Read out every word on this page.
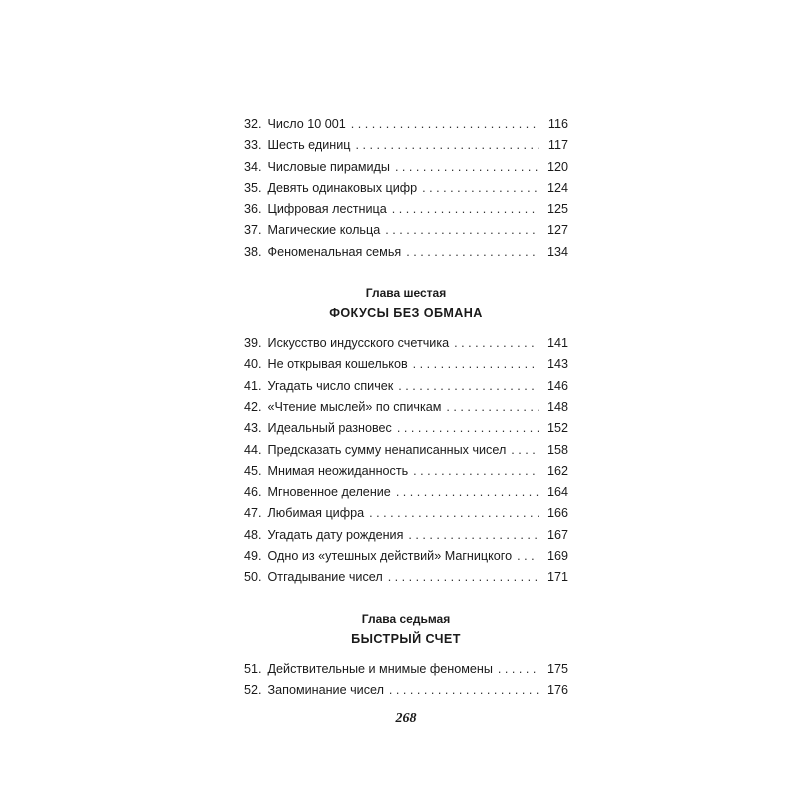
32. Число 10 001 . . .	116
33. Шесть единиц . . .	117
34. Числовые пирамиды . . .	120
35. Девять одинаковых цифр . . .	124
36. Цифровая лестница . . .	125
37. Магические кольца . . .	127
38. Феноменальная семья . . .	134
Глава шестая
ФОКУСЫ БЕЗ ОБМАНА
39. Искусство индусского счетчика . . .	141
40. Не открывая кошельков . . .	143
41. Угадать число спичек . . .	146
42. «Чтение мыслей» по спичкам . . .	148
43. Идеальный разновес . . .	152
44. Предсказать сумму ненаписанных чисел . . .	158
45. Мнимая неожиданность . . .	162
46. Мгновенное деление . . .	164
47. Любимая цифра . . .	166
48. Угадать дату рождения . . .	167
49. Одно из «утешных действий» Магницкого . . .	169
50. Отгадывание чисел . . .	171
Глава седьмая
БЫСТРЫЙ СЧЕТ
51. Действительные и мнимые феномены . . .	175
52. Запоминание чисел . . .	176
268
